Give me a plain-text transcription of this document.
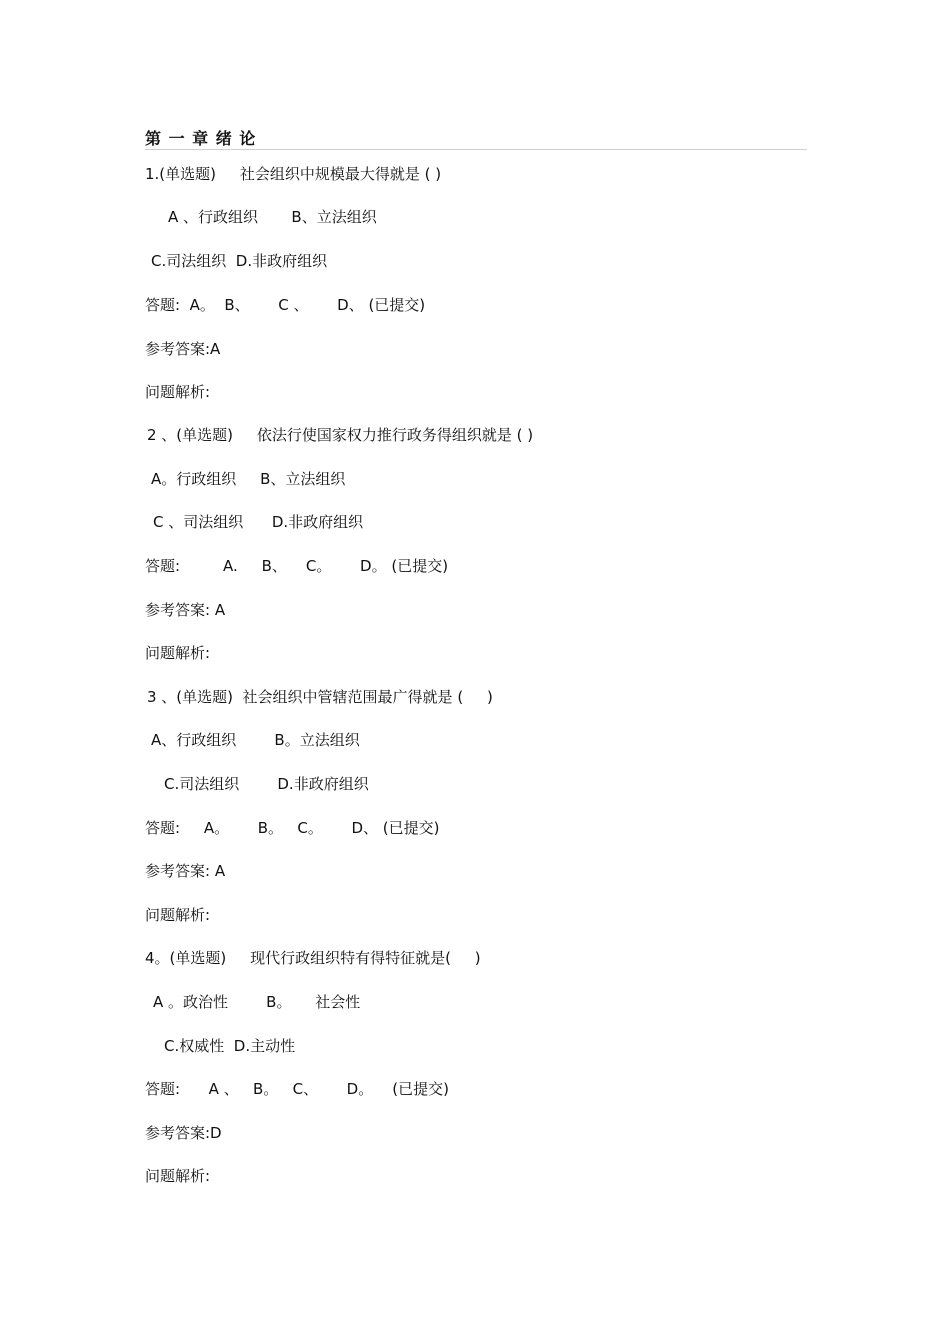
第 一 章 绪 论
1.(单选题)     社会组织中规模最大得就是 ( )
A 、行政组织       B、立法组织
C.司法组织  D.非政府组织
答题:  A。  B、      C 、      D、 (已提交)
参考答案:A
问题解析:
2 、(单选题)     依法行使国家权力推行政务得组织就是 ( )
A。行政组织     B、立法组织
C 、司法组织      D.非政府组织
答题:         A.     B、    C。      D。 (已提交)
参考答案: A
问题解析:
3 、(单选题)  社会组织中管辖范围最广得就是 (     )
A、行政组织        B。立法组织
C.司法组织        D.非政府组织
答题:     A。      B。   C。      D、 (已提交)
参考答案: A
问题解析:
4。(单选题)     现代行政组织特有得特征就是(     )
A 。政治性        B。     社会性
C.权威性  D.主动性
答题:      A 、   B。   C、      D。    (已提交)
参考答案:D
问题解析:
